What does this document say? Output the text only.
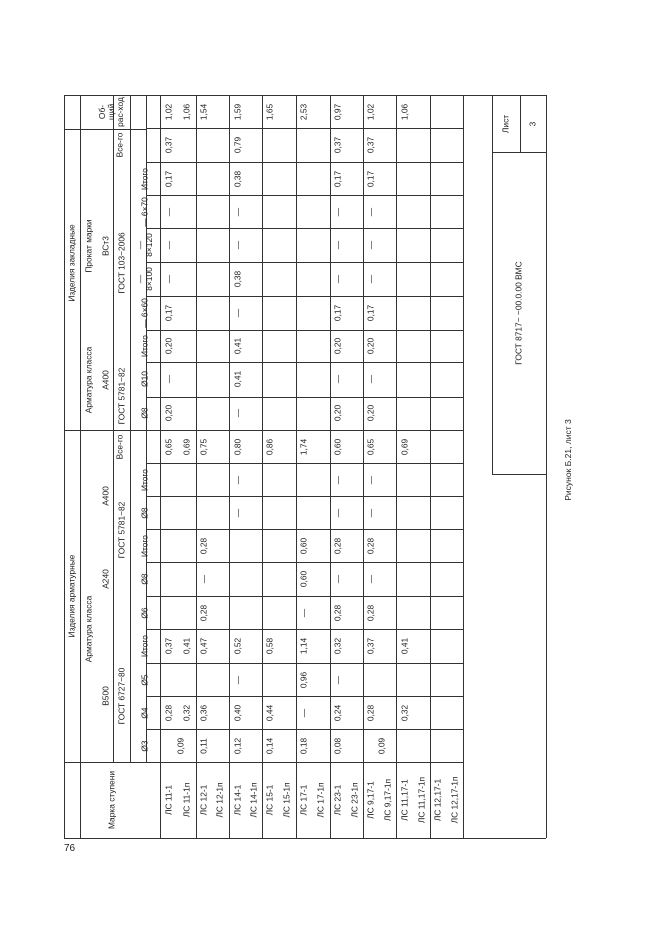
76
Рисунок Б.21, лист 3
Изделия арматурные
Изделия закладные
Марка ступени
Арматура класса
Арматура класса
Прокат марки
B500
A240
A400
A400
ВСт3
ГОСТ 6727−80
ГОСТ 5781−82
ГОСТ 5781−82
ГОСТ 103−2006
Все-го
Все-го
Об-щий рас-ход
Ø3
Ø4
Ø5
Итого
Ø6
Ø8
Итого
Ø8
Итого
Ø8
Ø10
Итого
— 6×60
— 8×100
— 8×120
— 6×70
Итого
ЛС 11-1 ЛС 11-1п ЛС 12-1 ЛС 12-1п ЛС 14-1 ЛС 14-1п ЛС 15-1 ЛС 15-1п ЛС 17-1 ЛС 17-1п ЛС 23-1 ЛС 23-1п ЛС 9,17-1 ЛС 9,17-1п ЛС 11,17-1 ЛС 11,17-1п ЛС 12,17-1 ЛС 12,17-1п
0,09
0,28
0,37
0,65
0,20
—
0,20
0,17
—
—
—
0,17
0,37
1,02
0,32
0,41
0,69
1,06
0,11
0,36
0,47
0,28
—
0,28
0,75
1,54
0,12
0,40
—
0,52
—
—
0,80
—
0,41
0,41
—
0,38
—
—
0,38
0,79
1,59
0,14
0,44
0,58
0,86
1,65
0,18
—
0,96
1,14
—
0,60
0,60
1,74
2,53
0,08
0,24
—
0,32
0,28
—
0,28
—
—
0,60
0,20
—
0,20
0,17
—
—
—
0,17
0,37
0,97
0,09
0,28
0,37
0,28
—
0,28
—
—
0,65
0,20
—
0,20
0,17
—
—
—
0,17
0,37
1,02
0,32
0,41
0,69
1,06
Лист 3
ГОСТ 8717− −00.0.00 ВМС
